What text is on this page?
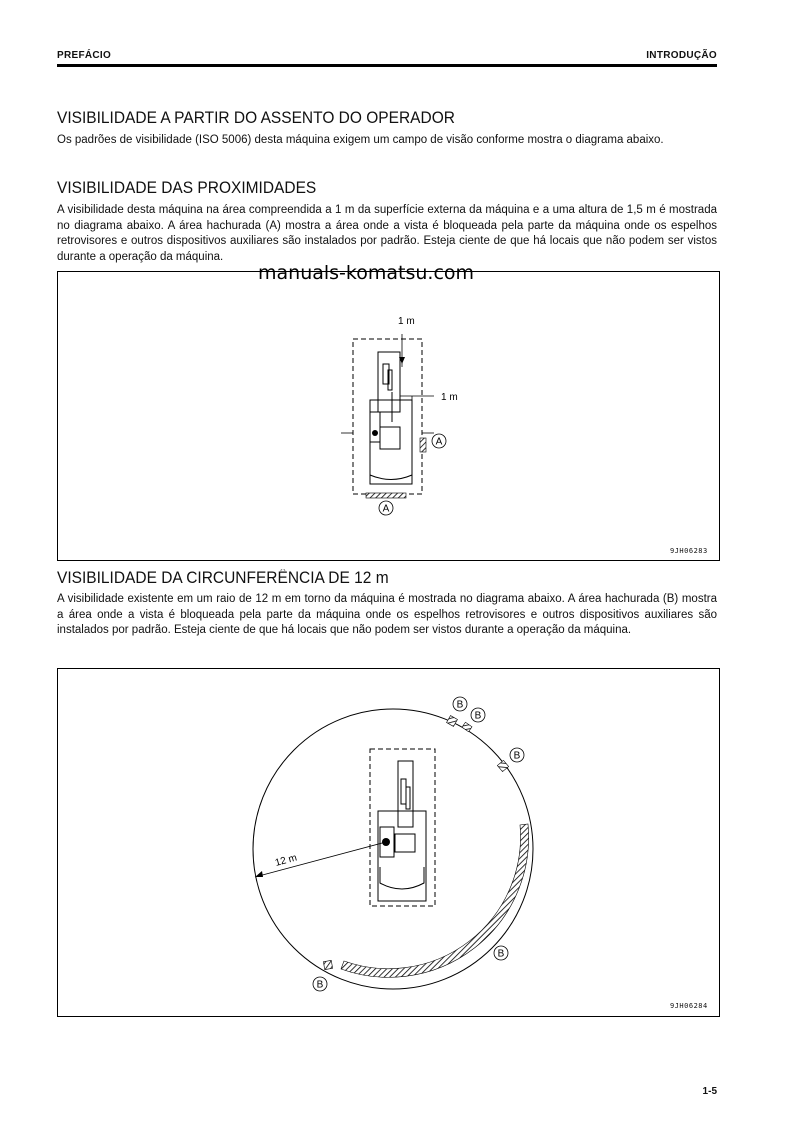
PREFÁCIO	INTRODUÇÃO
VISIBILIDADE A PARTIR DO ASSENTO DO OPERADOR

Os padrões de visibilidade (ISO 5006) desta máquina exigem um campo de visão conforme mostra o diagrama abaixo.

VISIBILIDADE DAS PROXIMIDADES

A visibilidade desta máquina na área compreendida a 1 m da superfície externa da máquina e a uma altura de 1,5 m é mostrada no diagrama abaixo. A área hachurada (A) mostra a área onde a vista é bloqueada pela parte da máquina onde os espelhos retrovisores e outros dispositivos auxiliares são instalados por padrão. Esteja ciente de que há locais que não podem ser vistos durante a operação da máquina.

A
A
1 m
1 m
9JH06283
manuals-komatsu.com
VISIBILIDADE DA CIRCUNFERÊNCIA DE 12 m

A visibilidade existente em um raio de 12 m em torno da máquina é mostrada no diagrama abaixo. A área hachurada (B) mostra a área onde a vista é bloqueada pela parte da máquina onde os espelhos retrovisores e outros dispositivos auxiliares são instalados por padrão. Esteja ciente de que há locais que não podem ser vistos durante a operação da máquina.

12 m
B
B
B
B
B
9JH06284
1-5
